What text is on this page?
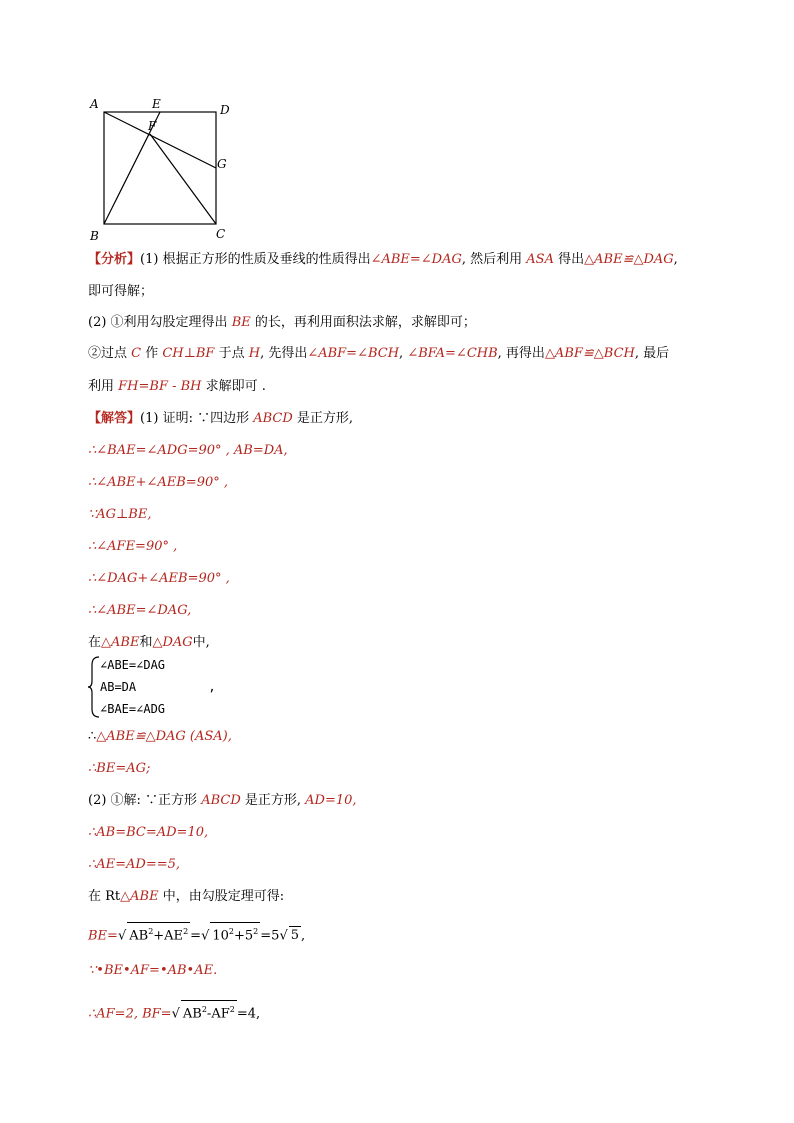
A	E	D
F
G
B	C
【分析】(1) 根据正方形的性质及垂线的性质得出∠ABE=∠DAG, 然后利用 ASA 得出△ABE≌△DAG,
即可得解；
(2) ①利用勾股定理得出 BE 的长，再利用面积法求解，求解即可；
②过点 C 作 CH⊥BF 于点 H, 先得出∠ABF=∠BCH, ∠BFA=∠CHB, 再得出△ABF≌△BCH, 最后
利用 FH=BF - BH 求解即可 .
【解答】(1) 证明: ∵四边形 ABCD 是正方形,
∴∠BAE=∠ADG=90° , AB=DA,
∴∠ABE+∠AEB=90° ,
∵AG⊥BE,
∴∠AFE=90° ,
∴∠DAG+∠AEB=90° ,
∴∠ABE=∠DAG,
在△ABE和△DAG中,
∠ABE=∠DAG
AB=DA          ,
∠BAE=∠ADG
∴△ABE≌△DAG (ASA),
∴BE=AG;
(2) ①解: ∵正方形 ABCD 是正方形, AD=10,
∴AB=BC=AD=10,
∴AE=AD==5,
在 Rt△ABE 中，由勾股定理可得:
BE=√ $AB^2+AE^2$ =√ $10^2+5^2 =5√$ 5 ,
∵•BE•AF=•AB•AE.
∴AF=2, BF=√ $AB^2-AF^2 =4$,
